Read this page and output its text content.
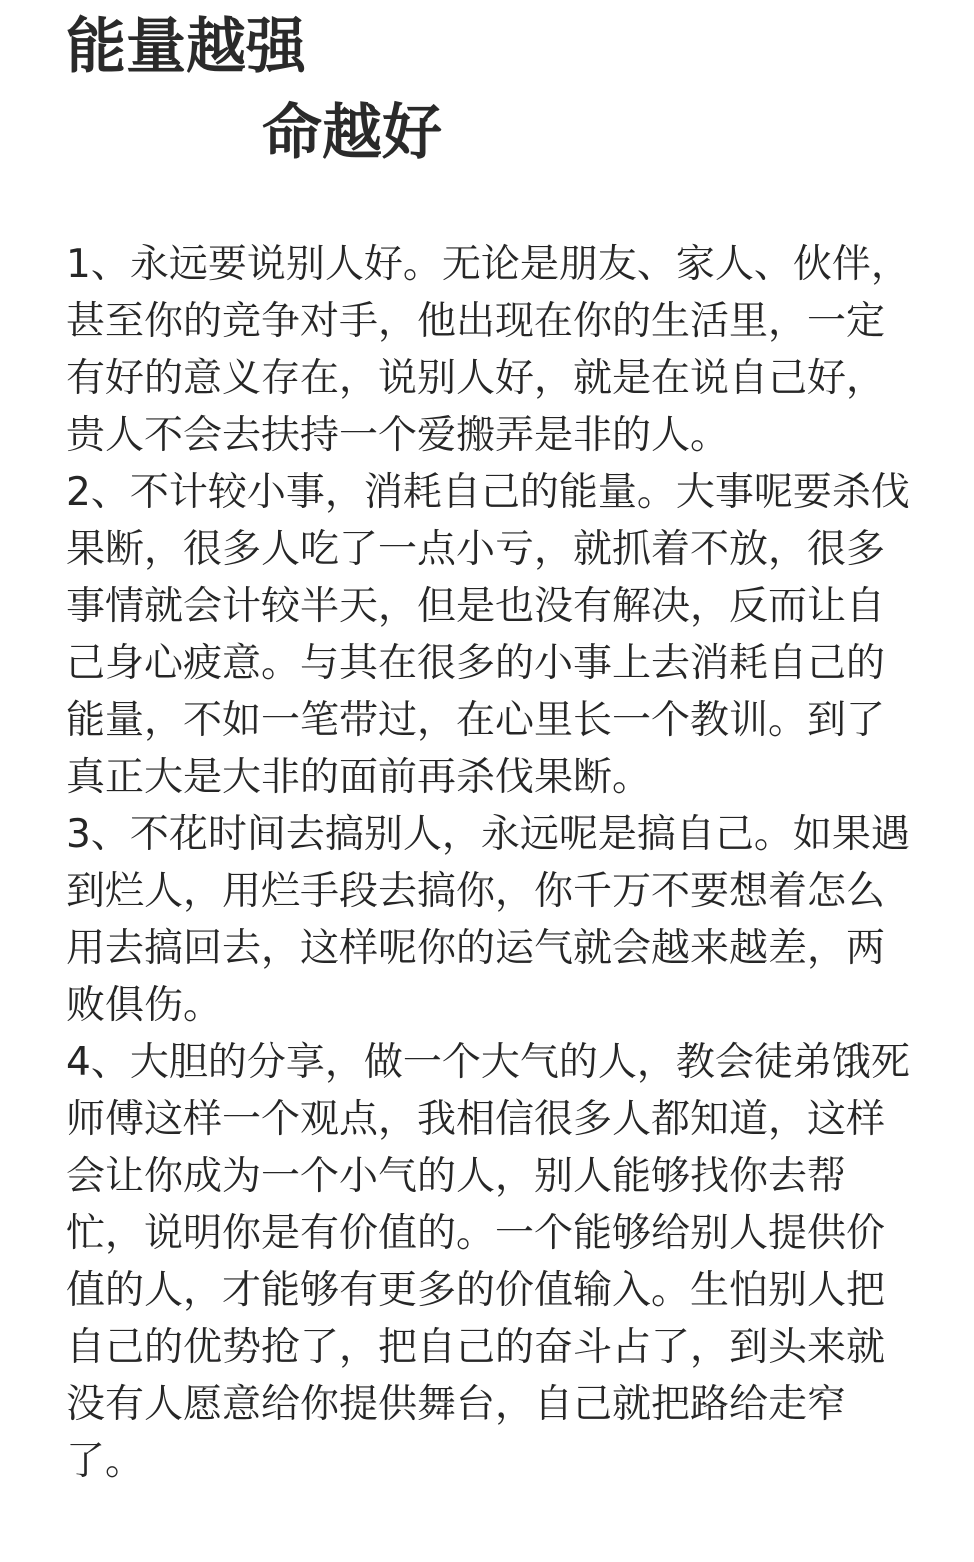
能量越强
命越好

1、永远要说别人好。无论是朋友、家人、伙伴，甚至你的竞争对手，他出现在你的生活里，一定有好的意义存在，说别人好，就是在说自己好，贵人不会去扶持一个爱搬弄是非的人。

2、不计较小事，消耗自己的能量。大事呢要杀伐果断，很多人吃了一点小亏，就抓着不放，很多事情就会计较半天，但是也没有解决，反而让自己身心疲意。与其在很多的小事上去消耗自己的能量，不如一笔带过，在心里长一个教训。到了真正大是大非的面前再杀伐果断。

3、不花时间去搞别人，永远呢是搞自己。如果遇到烂人，用烂手段去搞你，你千万不要想着怎么用去搞回去，这样呢你的运气就会越来越差，两败俱伤。

4、大胆的分享，做一个大气的人，教会徒弟饿死师傅这样一个观点，我相信很多人都知道，这样会让你成为一个小气的人，别人能够找你去帮忙，说明你是有价值的。一个能够给别人提供价值的人，才能够有更多的价值输入。生怕别人把自己的优势抢了，把自己的奋斗占了，到头来就没有人愿意给你提供舞台，自己就把路给走窄了。
